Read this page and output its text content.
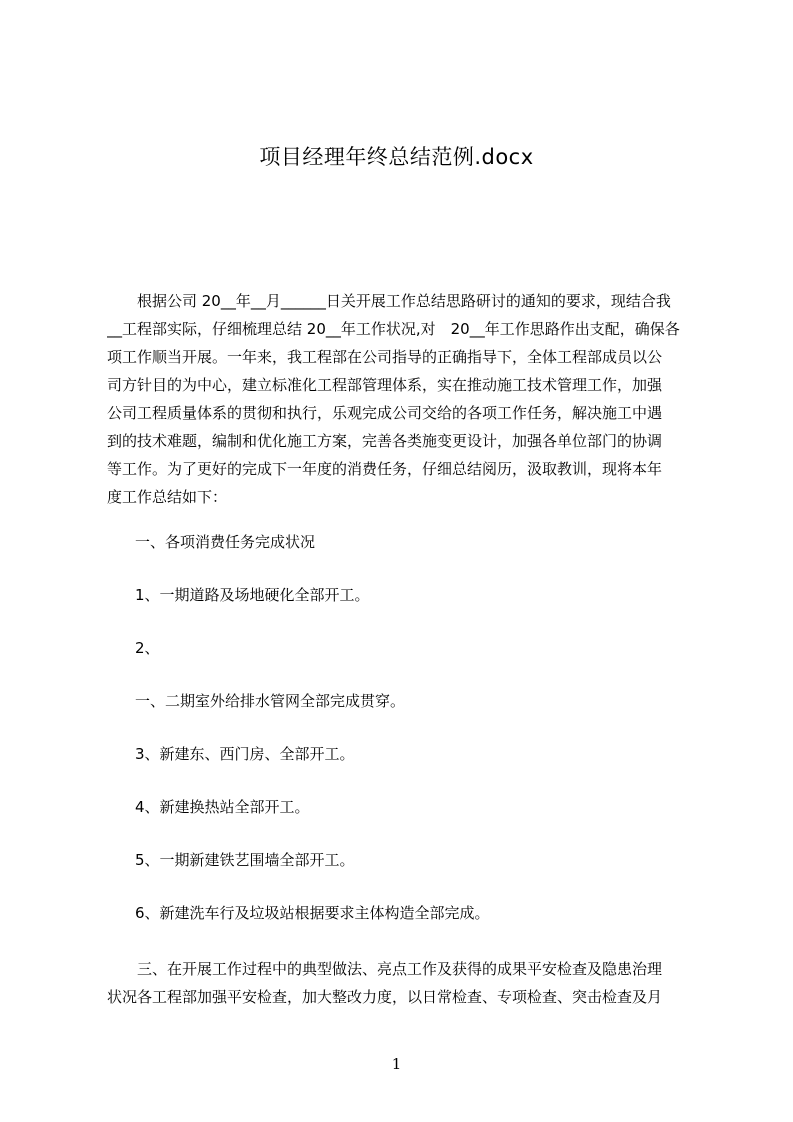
项目经理年终总结范例.docx
　　根据公司 20__年__月______日关开展工作总结思路研讨的通知的要求，现结合我
__工程部实际，仔细梳理总结 20__年工作状况,对　20__年工作思路作出支配，确保各
项工作顺当开展。一年来，我工程部在公司指导的正确指导下，全体工程部成员以公
司方针目的为中心，建立标准化工程部管理体系，实在推动施工技术管理工作，加强
公司工程质量体系的贯彻和执行，乐观完成公司交给的各项工作任务，解决施工中遇
到的技术难题，编制和优化施工方案，完善各类施变更设计，加强各单位部门的协调
等工作。为了更好的完成下一年度的消费任务，仔细总结阅历，汲取教训，现将本年
度工作总结如下：
一、各项消费任务完成状况
1、一期道路及场地硬化全部开工。
2、
一、二期室外给排水管网全部完成贯穿。
3、新建东、西门房、全部开工。
4、新建换热站全部开工。
5、一期新建铁艺围墙全部开工。
6、新建洗车行及垃圾站根据要求主体构造全部完成。
　　三、在开展工作过程中的典型做法、亮点工作及获得的成果平安检查及隐患治理
状况各工程部加强平安检查，加大整改力度，以日常检查、专项检查、突击检查及月
1
